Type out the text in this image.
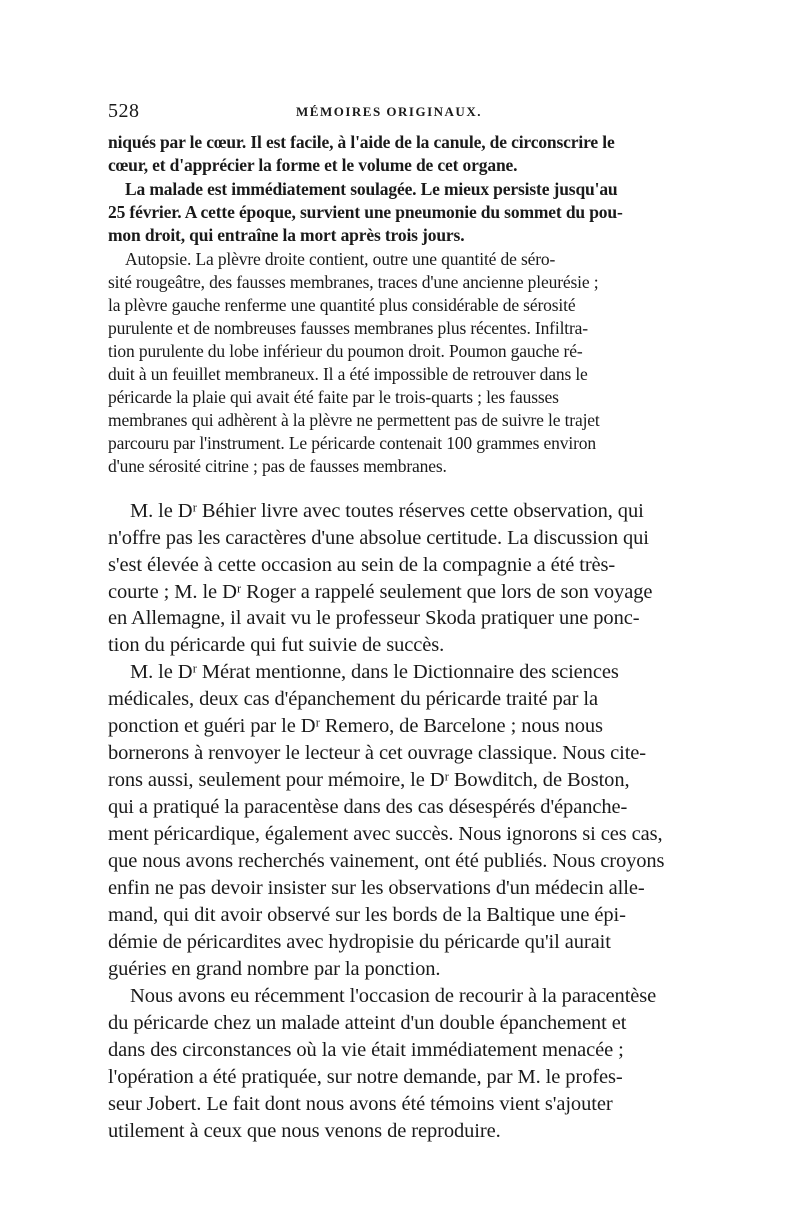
528	MÉMOIRES ORIGINAUX.
niqués par le cœur. Il est facile, à l'aide de la canule, de circonscrire le
cœur, et d'apprécier la forme et le volume de cet organe.
La malade est immédiatement soulagée. Le mieux persiste jusqu'au
25 février. A cette époque, survient une pneumonie du sommet du pou-
mon droit, qui entraîne la mort après trois jours.
Autopsie. La plèvre droite contient, outre une quantité de séro-
sité rougeâtre, des fausses membranes, traces d'une ancienne pleurésie ;
la plèvre gauche renferme une quantité plus considérable de sérosité
purulente et de nombreuses fausses membranes plus récentes. Infiltra-
tion purulente du lobe inférieur du poumon droit. Poumon gauche ré-
duit à un feuillet membraneux. Il a été impossible de retrouver dans le
péricarde la plaie qui avait été faite par le trois-quarts ; les fausses
membranes qui adhèrent à la plèvre ne permettent pas de suivre le trajet
parcouru par l'instrument. Le péricarde contenait 100 grammes environ
d'une sérosité citrine ; pas de fausses membranes.
M. le Dʳ Béhier livre avec toutes réserves cette observation, qui
n'offre pas les caractères d'une absolue certitude. La discussion qui
s'est élevée à cette occasion au sein de la compagnie a été très-
courte ; M. le Dʳ Roger a rappelé seulement que lors de son voyage
en Allemagne, il avait vu le professeur Skoda pratiquer une ponc-
tion du péricarde qui fut suivie de succès.
M. le Dʳ Mérat mentionne, dans le Dictionnaire des sciences
médicales, deux cas d'épanchement du péricarde traité par la
ponction et guéri par le Dʳ Remero, de Barcelone ; nous nous
bornerons à renvoyer le lecteur à cet ouvrage classique. Nous cite-
rons aussi, seulement pour mémoire, le Dʳ Bowditch, de Boston,
qui a pratiqué la paracentèse dans des cas désespérés d'épanche-
ment péricardique, également avec succès. Nous ignorons si ces cas,
que nous avons recherchés vainement, ont été publiés. Nous croyons
enfin ne pas devoir insister sur les observations d'un médecin alle-
mand, qui dit avoir observé sur les bords de la Baltique une épi-
démie de péricardites avec hydropisie du péricarde qu'il aurait
guéries en grand nombre par la ponction.
Nous avons eu récemment l'occasion de recourir à la paracentèse
du péricarde chez un malade atteint d'un double épanchement et
dans des circonstances où la vie était immédiatement menacée ;
l'opération a été pratiquée, sur notre demande, par M. le profes-
seur Jobert. Le fait dont nous avons été témoins vient s'ajouter
utilement à ceux que nous venons de reproduire.
